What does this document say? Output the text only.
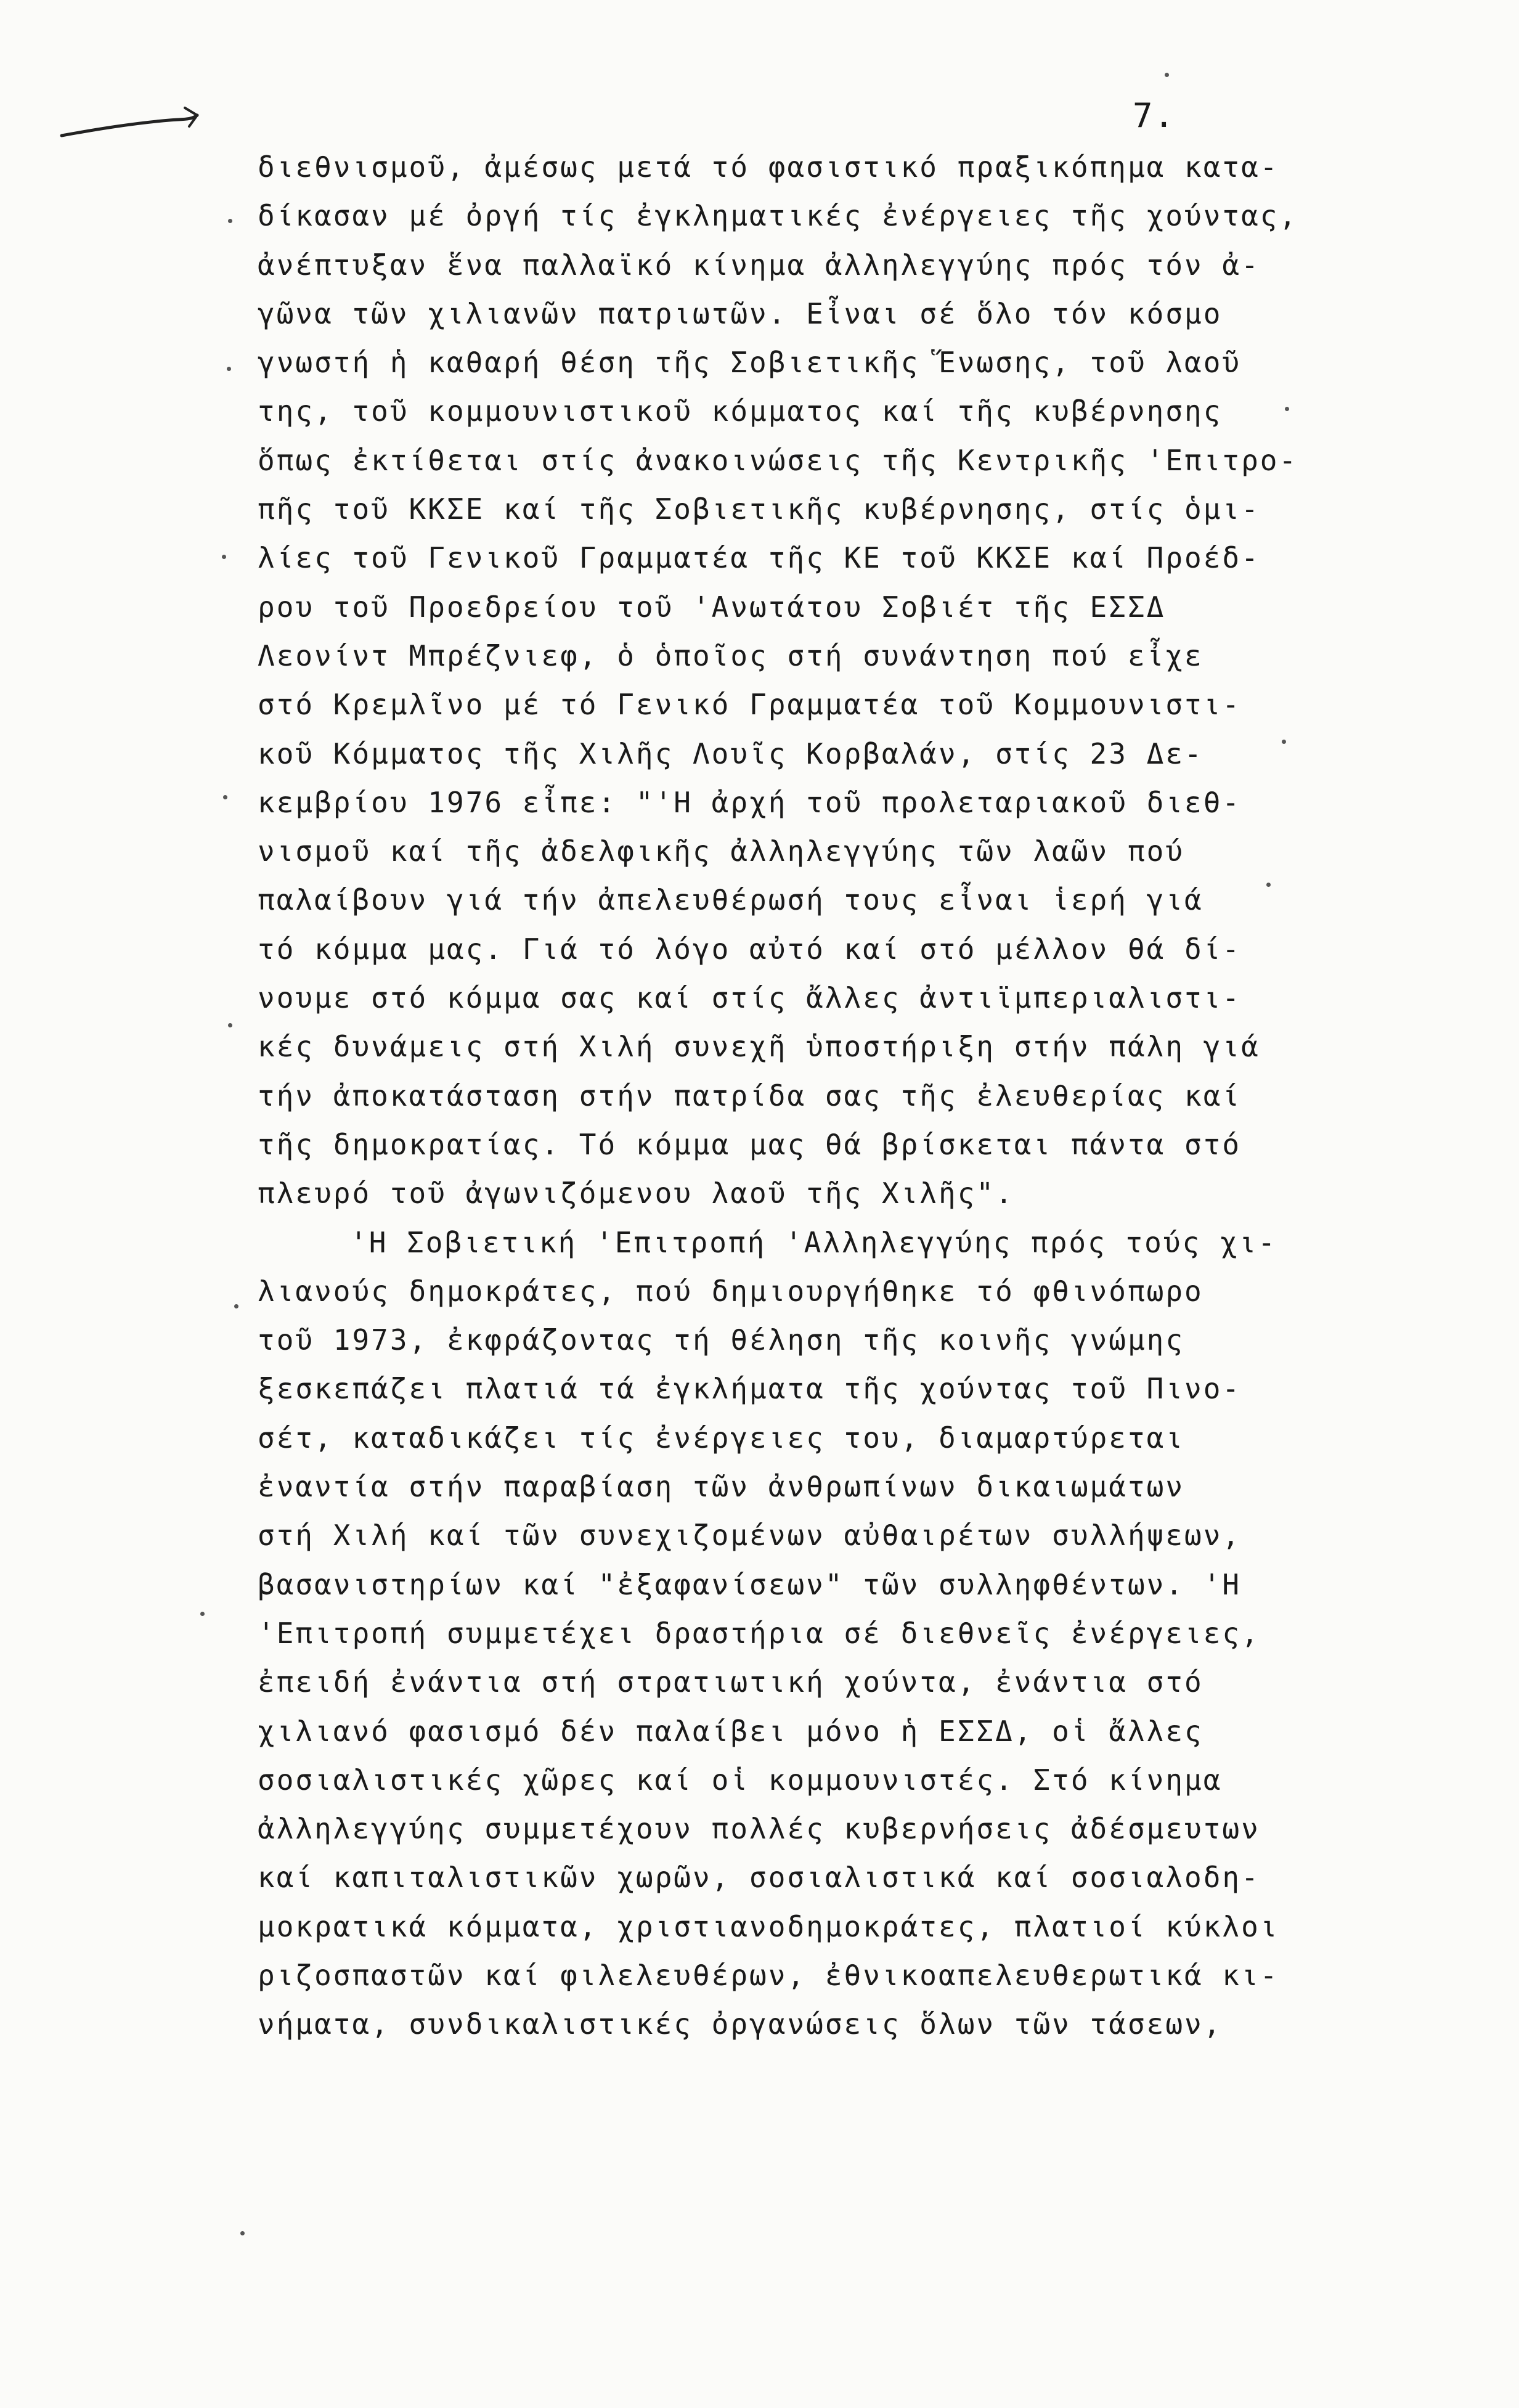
7.
διεθνισμοῦ, ἀμέσως μετά τό φασιστικό πραξικόπημα κατα-
δίκασαν μέ ὀργή τίς ἐγκληματικές ἐνέργειες τῆς χούντας,
ἀνέπτυξαν ἕνα παλλαϊκό κίνημα ἀλληλεγγύης πρός τόν ἀ-
γῶνα τῶν χιλιανῶν πατριωτῶν. Εἶναι σέ ὅλο τόν κόσμο
γνωστή ἡ καθαρή θέση τῆς Σοβιετικῆς Ἕνωσης, τοῦ λαοῦ
της, τοῦ κομμουνιστικοῦ κόμματος καί τῆς κυβέρνησης
ὅπως ἐκτίθεται στίς ἀνακοινώσεις τῆς Κεντρικῆς 'Επιτρο-
πῆς τοῦ ΚΚΣΕ καί τῆς Σοβιετικῆς κυβέρνησης, στίς ὁμι-
λίες τοῦ Γενικοῦ Γραμματέα τῆς ΚΕ τοῦ ΚΚΣΕ καί Προέδ-
ρου τοῦ Προεδρείου τοῦ 'Ανωτάτου Σοβιέτ τῆς ΕΣΣΔ
Λεονίντ Μπρέζνιεφ, ὁ ὁποῖος στή συνάντηση πού εἶχε
στό Κρεμλῖνο μέ τό Γενικό Γραμματέα τοῦ Κομμουνιστι-
κοῦ Κόμματος τῆς Χιλῆς Λουῖς Κορβαλάν, στίς 23 Δε-
κεμβρίου 1976 εἶπε: "'Η ἀρχή τοῦ προλεταριακοῦ διεθ-
νισμοῦ καί τῆς ἀδελφικῆς ἀλληλεγγύης τῶν λαῶν πού
παλαίβουν γιά τήν ἀπελευθέρωσή τους εἶναι ἱερή γιά
τό κόμμα μας. Γιά τό λόγο αὐτό καί στό μέλλον θά δί-
νουμε στό κόμμα σας καί στίς ἄλλες ἀντιϊμπεριαλιστι-
κές δυνάμεις στή Χιλή συνεχῆ ὑποστήριξη στήν πάλη γιά
τήν ἀποκατάσταση στήν πατρίδα σας τῆς ἐλευθερίας καί
τῆς δημοκρατίας. Τό κόμμα μας θά βρίσκεται πάντα στό
πλευρό τοῦ ἀγωνιζόμενου λαοῦ τῆς Χιλῆς".
'Η Σοβιετική 'Επιτροπή 'Αλληλεγγύης πρός τούς χι-
λιανούς δημοκράτες, πού δημιουργήθηκε τό φθινόπωρο
τοῦ 1973, ἐκφράζοντας τή θέληση τῆς κοινῆς γνώμης
ξεσκεπάζει πλατιά τά ἐγκλήματα τῆς χούντας τοῦ Πινο-
σέτ, καταδικάζει τίς ἐνέργειες του, διαμαρτύρεται
ἐναντία στήν παραβίαση τῶν ἀνθρωπίνων δικαιωμάτων
στή Χιλή καί τῶν συνεχιζομένων αὐθαιρέτων συλλήψεων,
βασανιστηρίων καί "ἐξαφανίσεων" τῶν συλληφθέντων. 'Η
'Επιτροπή συμμετέχει δραστήρια σέ διεθνεῖς ἐνέργειες,
ἐπειδή ἐνάντια στή στρατιωτική χούντα, ἐνάντια στό
χιλιανό φασισμό δέν παλαίβει μόνο ἡ ΕΣΣΔ, οἱ ἄλλες
σοσιαλιστικές χῶρες καί οἱ κομμουνιστές. Στό κίνημα
ἀλληλεγγύης συμμετέχουν πολλές κυβερνήσεις ἀδέσμευτων
καί καπιταλιστικῶν χωρῶν, σοσιαλιστικά καί σοσιαλοδη-
μοκρατικά κόμματα, χριστιανοδημοκράτες, πλατιοί κύκλοι
ριζοσπαστῶν καί φιλελευθέρων, ἐθνικοαπελευθερωτικά κι-
νήματα, συνδικαλιστικές ὀργανώσεις ὅλων τῶν τάσεων,
